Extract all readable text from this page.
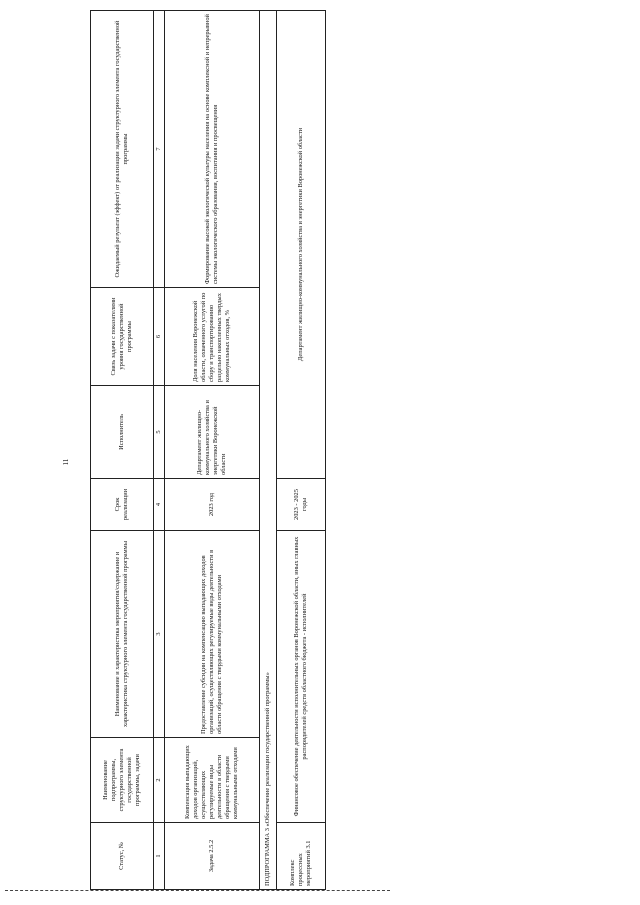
11
Статус, №	Наименование подпрограммы, структурного элемента государственной программы, задачи	Наименование и характеристика мероприятия/содержание и характеристика структурного элемента государственной программы	Срок реализации	Исполнитель	Связь задачи с показателями уровня государственной программы	Ожидаемый результат (эффект) от реализации задачи структурного элемента государственной программы
1	2	3	4	5	6	7
Задача 2.5.2	Компенсация выпадающих доходов организаций, осуществляющих регулируемые виды деятельности в области обращения с твердыми коммунальными отходами	Предоставление субсидии на компенсацию выпадающих доходов организаций, осуществляющих регулируемые виды деятельности в области обращения с твердыми коммунальными отходами	2023 год	Департамент жилищно-коммунального хозяйства и энергетики Воронежской области	Доля населения Воронежской области, охваченного услугой по сбору и транспортированию раздельно накопленных твердых коммунальных отходов, %	Формирование высокой экологической культуры населения на основе комплексной и непрерывной системы экологического образования, воспитания и просвещения
ПОДПРОГРАММА 3 «Обеспечение реализации государственной программы»						
Комплекс процессных мероприятий 3.1	Финансовое обеспечение деятельности исполнительных органов Воронежской области, иных главных распорядителей средств областного бюджета - исполнителей		2023 - 2025 годы	Департамент жилищно-коммунального хозяйства и энергетики Воронежской области		
